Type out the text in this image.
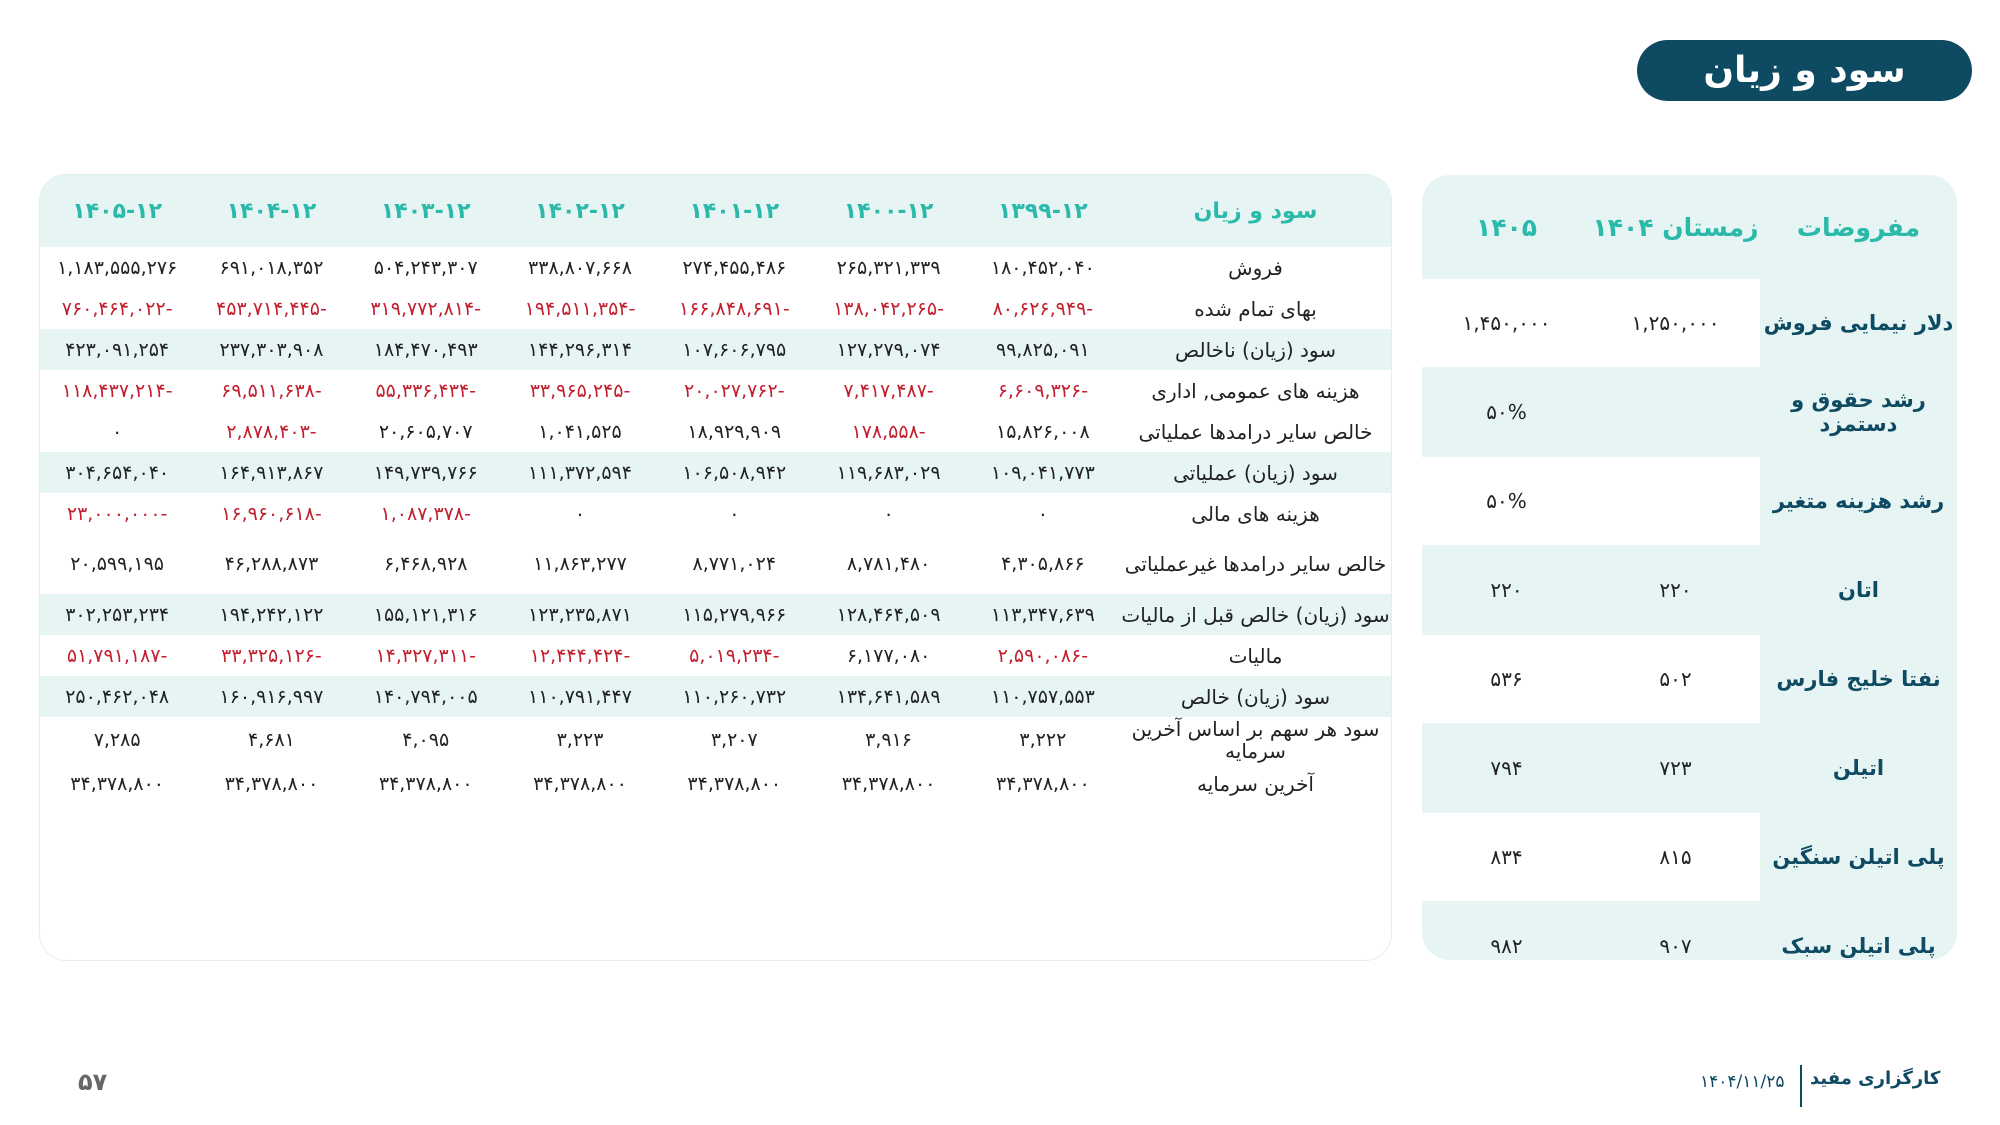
سود و زیان
مفروضات	زمستان ۱۴۰۴	۱۴۰۵
دلار نیمایی فروش	۱,۲۵۰,۰۰۰	۱,۴۵۰,۰۰۰
رشد حقوق و دستمزد		۵۰%
رشد هزینه متغیر		۵۰%
اتان	۲۲۰	۲۲۰
نفتا خلیج فارس	۵۰۲	۵۳۶
اتیلن	۷۲۳	۷۹۴
پلی اتیلن سنگین	۸۱۵	۸۳۴
پلی اتیلن سبک	۹۰۷	۹۸۲
سود و زیان	۱۳۹۹-۱۲	۱۴۰۰-۱۲	۱۴۰۱-۱۲	۱۴۰۲-۱۲	۱۴۰۳-۱۲	۱۴۰۴-۱۲	۱۴۰۵-۱۲
فروش	۱۸۰,۴۵۲,۰۴۰	۲۶۵,۳۲۱,۳۳۹	۲۷۴,۴۵۵,۴۸۶	۳۳۸,۸۰۷,۶۶۸	۵۰۴,۲۴۳,۳۰۷	۶۹۱,۰۱۸,۳۵۲	۱,۱۸۳,۵۵۵,۲۷۶
بهای تمام شده	-۸۰,۶۲۶,۹۴۹	-۱۳۸,۰۴۲,۲۶۵	-۱۶۶,۸۴۸,۶۹۱	-۱۹۴,۵۱۱,۳۵۴	-۳۱۹,۷۷۲,۸۱۴	-۴۵۳,۷۱۴,۴۴۵	-۷۶۰,۴۶۴,۰۲۲
سود (زیان) ناخالص	۹۹,۸۲۵,۰۹۱	۱۲۷,۲۷۹,۰۷۴	۱۰۷,۶۰۶,۷۹۵	۱۴۴,۲۹۶,۳۱۴	۱۸۴,۴۷۰,۴۹۳	۲۳۷,۳۰۳,۹۰۸	۴۲۳,۰۹۱,۲۵۴
هزینه های عمومی, اداری	-۶,۶۰۹,۳۲۶	-۷,۴۱۷,۴۸۷	-۲۰,۰۲۷,۷۶۲	-۳۳,۹۶۵,۲۴۵	-۵۵,۳۳۶,۴۳۴	-۶۹,۵۱۱,۶۳۸	-۱۱۸,۴۳۷,۲۱۴
خالص سایر درامدها عملیاتی	۱۵,۸۲۶,۰۰۸	-۱۷۸,۵۵۸	۱۸,۹۲۹,۹۰۹	۱,۰۴۱,۵۲۵	۲۰,۶۰۵,۷۰۷	-۲,۸۷۸,۴۰۳	۰
سود (زیان) عملیاتی	۱۰۹,۰۴۱,۷۷۳	۱۱۹,۶۸۳,۰۲۹	۱۰۶,۵۰۸,۹۴۲	۱۱۱,۳۷۲,۵۹۴	۱۴۹,۷۳۹,۷۶۶	۱۶۴,۹۱۳,۸۶۷	۳۰۴,۶۵۴,۰۴۰
هزینه های مالی	۰	۰	۰	۰	-۱,۰۸۷,۳۷۸	-۱۶,۹۶۰,۶۱۸	-۲۳,۰۰۰,۰۰۰
خالص سایر درامدها غیرعملیاتی	۴,۳۰۵,۸۶۶	۸,۷۸۱,۴۸۰	۸,۷۷۱,۰۲۴	۱۱,۸۶۳,۲۷۷	۶,۴۶۸,۹۲۸	۴۶,۲۸۸,۸۷۳	۲۰,۵۹۹,۱۹۵
سود (زیان) خالص قبل از مالیات	۱۱۳,۳۴۷,۶۳۹	۱۲۸,۴۶۴,۵۰۹	۱۱۵,۲۷۹,۹۶۶	۱۲۳,۲۳۵,۸۷۱	۱۵۵,۱۲۱,۳۱۶	۱۹۴,۲۴۲,۱۲۲	۳۰۲,۲۵۳,۲۳۴
مالیات	-۲,۵۹۰,۰۸۶	۶,۱۷۷,۰۸۰	-۵,۰۱۹,۲۳۴	-۱۲,۴۴۴,۴۲۴	-۱۴,۳۲۷,۳۱۱	-۳۳,۳۲۵,۱۲۶	-۵۱,۷۹۱,۱۸۷
سود (زیان) خالص	۱۱۰,۷۵۷,۵۵۳	۱۳۴,۶۴۱,۵۸۹	۱۱۰,۲۶۰,۷۳۲	۱۱۰,۷۹۱,۴۴۷	۱۴۰,۷۹۴,۰۰۵	۱۶۰,۹۱۶,۹۹۷	۲۵۰,۴۶۲,۰۴۸
سود هر سهم بر اساس آخرین سرمایه	۳,۲۲۲	۳,۹۱۶	۳,۲۰۷	۳,۲۲۳	۴,۰۹۵	۴,۶۸۱	۷,۲۸۵
آخرین سرمایه	۳۴,۳۷۸,۸۰۰	۳۴,۳۷۸,۸۰۰	۳۴,۳۷۸,۸۰۰	۳۴,۳۷۸,۸۰۰	۳۴,۳۷۸,۸۰۰	۳۴,۳۷۸,۸۰۰	۳۴,۳۷۸,۸۰۰
کارگزاری مفید
۱۴۰۴/۱۱/۲۵
۵۷
